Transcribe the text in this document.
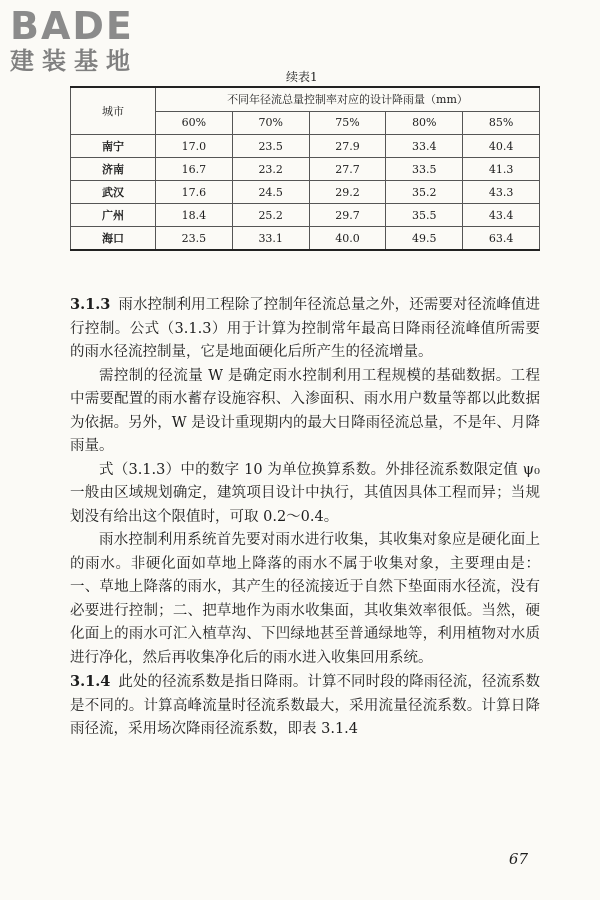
BADE
建装基地
续表1
城市	不同年径流总量控制率对应的设计降雨量（mm）				
	60%	70%	75%	80%	85%
南宁	17.0	23.5	27.9	33.4	40.4
济南	16.7	23.2	27.7	33.5	41.3
武汉	17.6	24.5	29.2	35.2	43.3
广州	18.4	25.2	29.7	35.5	43.4
海口	23.5	33.1	40.0	49.5	63.4

3.1.3 雨水控制利用工程除了控制年径流总量之外，还需要对径流峰值进行控制。公式（3.1.3）用于计算为控制常年最高日降雨径流峰值所需要的雨水径流控制量，它是地面硬化后所产生的径流增量。

需控制的径流量 W 是确定雨水控制利用工程规模的基础数据。工程中需要配置的雨水蓄存设施容积、入渗面积、雨水用户数量等都以此数据为依据。另外，W 是设计重现期内的最大日降雨径流总量，不是年、月降雨量。

式（3.1.3）中的数字 10 为单位换算系数。外排径流系数限定值 ψ₀ 一般由区域规划确定，建筑项目设计中执行，其值因具体工程而异；当规划没有给出这个限值时，可取 0.2～0.4。

雨水控制利用系统首先要对雨水进行收集，其收集对象应是硬化面上的雨水。非硬化面如草地上降落的雨水不属于收集对象，主要理由是：一、草地上降落的雨水，其产生的径流接近于自然下垫面雨水径流，没有必要进行控制；二、把草地作为雨水收集面，其收集效率很低。当然，硬化面上的雨水可汇入植草沟、下凹绿地甚至普通绿地等，利用植物对水质进行净化，然后再收集净化后的雨水进入收集回用系统。

3.1.4 此处的径流系数是指日降雨。计算不同时段的降雨径流，径流系数是不同的。计算高峰流量时径流系数最大，采用流量径流系数。计算日降雨径流，采用场次降雨径流系数，即表 3.1.4

67
